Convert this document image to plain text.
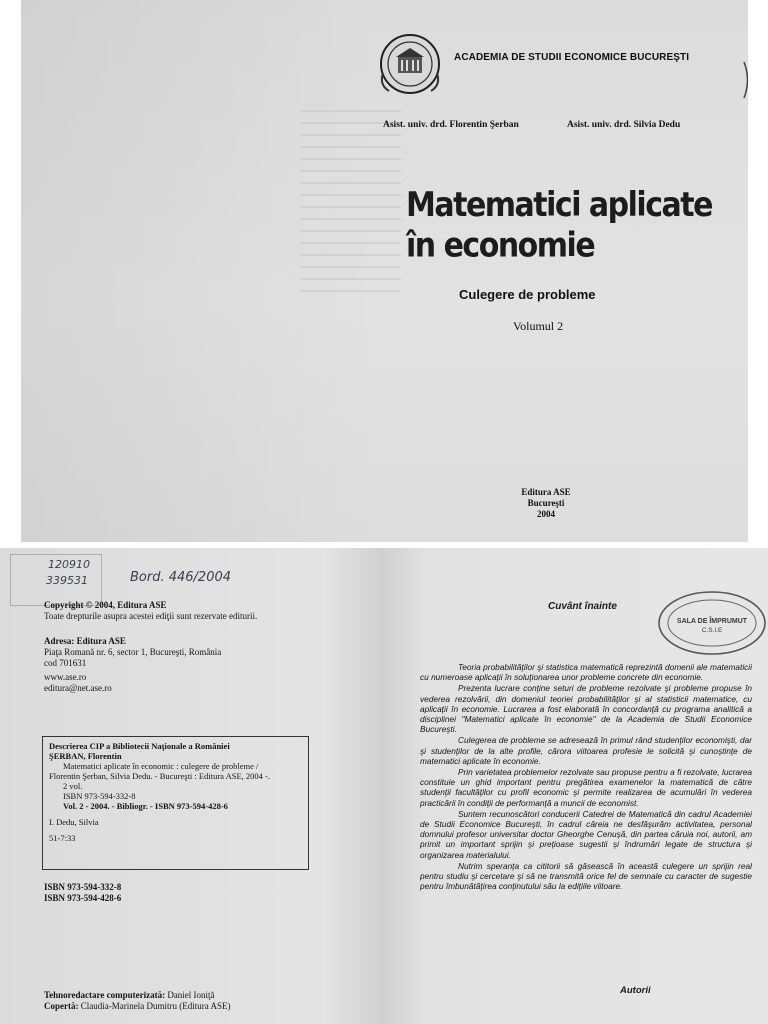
ACADEMIA DE STUDII ECONOMICE BUCUREŞTI
Asist. univ. drd. Florentin Şerban	Asist. univ. drd. Silvia Dedu
Matematici aplicate
în economie
Culegere de probleme
Volumul 2
Editura ASE
Bucureşti
2004
120910
339531	Bord. 446/2004
Copyright © 2004, Editura ASE
Toate drepturile asupra acestei ediţii sunt rezervate editurii.
Adresa: Editura ASE
Piaţa Romană nr. 6, sector 1, Bucureşti, România
cod 701631
www.ase.ro
editura@net.ase.ro
Descrierea CIP a Bibliotecii Naţionale a României
ŞERBAN, Florentin
Matematici aplicate în economic : culegere de probleme /
Florentin Şerban, Silvia Dedu. - Bucureşti : Editura ASE, 2004 -.
2 vol.
ISBN 973-594-332-8
Vol. 2 - 2004. - Bibliogr. - ISBN 973-594-428-6
I. Dedu, Silvia
51-7:33
ISBN 973-594-332-8
ISBN 973-594-428-6
Tehnoredactare computerizată: Daniel Ioniţă
Copertă: Claudia-Marinela Dumitru (Editura ASE)
Cuvânt înainte
SALA DE ÎMPRUMUT
C.S.I.E

Teoria probabilităţilor şi statistica matematică reprezintă domenii ale matematicii cu numeroase aplicaţii în soluţionarea unor probleme concrete din economie.

Prezenta lucrare conţine seturi de probleme rezolvate şi probleme propuse în vederea rezolvării, din domeniul teoriei probabilităţilor şi al statisticii matematice, cu aplicaţii în economie. Lucrarea a fost elaborată în concordanţă cu programa analitică a disciplinei "Matematici aplicate în economie" de la Academia de Studii Economice Bucureşti.

Culegerea de probleme se adresează în primul rând studenţilor economişti, dar şi studenţilor de la alte profile, cărora viitoarea profesie le solicită şi cunoştinţe de matematici aplicate în economie.

Prin varietatea problemelor rezolvate sau propuse pentru a fi rezolvate, lucrarea constituie un ghid important pentru pregătirea examenelor la matematică de către studenţii facultăţilor cu profil economic şi permite realizarea de acumulări în vederea practicării în condiţii de performanţă a muncii de economist.

Suntem recunoscători conducerii Catedrei de Matematică din cadrul Academiei de Studii Economice Bucureşti, în cadrul căreia ne desfăşurăm activitatea, personal domnului profesor universitar doctor Gheorghe Cenuşă, din partea căruia noi, autorii, am primit un important sprijin şi preţioase sugestii şi îndrumări legate de structura şi organizarea materialului.

Nutrim speranţa ca cititorii să găsească în această culegere un sprijin real pentru studiu şi cercetare şi să ne transmită orice fel de semnale cu caracter de sugestie pentru îmbunătăţirea conţinutului său la ediţiile viitoare.

Autorii
